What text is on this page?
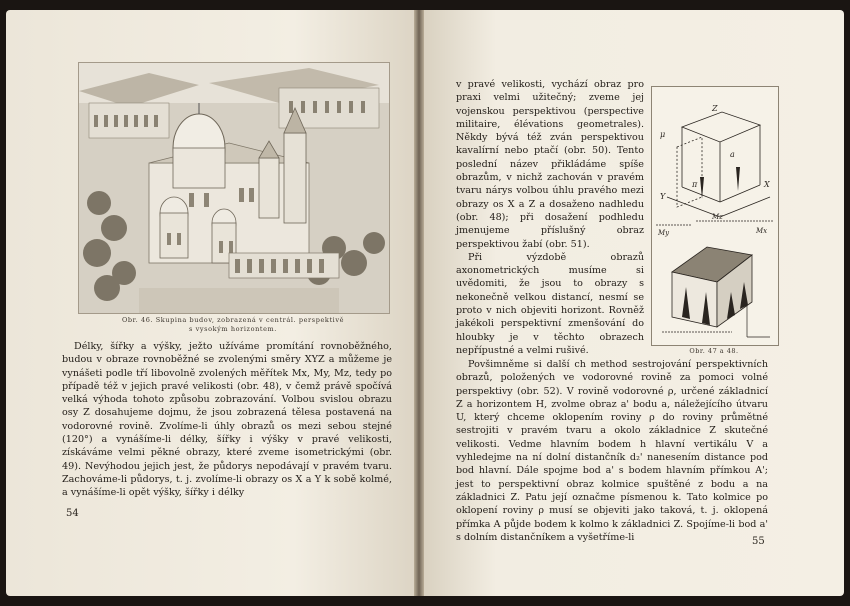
Obr. 46. Skupina budov, zobrazená v centrál. perspektivě
s vysokým horizontem.

Délky, šířky a výšky, ježto užíváme promítání rovnoběžného, budou v obraze rovnoběžné se zvolenými směry XYZ a můžeme je vynášeti podle tří libovolně zvolených měřítek Mx, My, Mz, tedy po případě též v jejich pravé velikosti (obr. 48), v čemž právě spočívá velká výhoda tohoto způsobu zobrazování. Volbou svislou obrazu osy Z dosahujeme dojmu, že jsou zobrazená tělesa postavená na vodorovné rovině. Zvolíme-li úhly obrazů os mezi sebou stejné (120°) a vynášíme-li délky, šířky i výšky v pravé velikosti, získáváme velmi pěkné obrazy, které zveme isometrickými (obr. 49). Nevýhodou jejich jest, že půdorys nepodávají v pravém tvaru. Zachováme-li půdorys, t. j. zvolíme-li obrazy os X a Y k sobě kolmé, a vynášíme-li opět výšky, šířky i délky

54

v pravé velikosti, vychází obraz pro praxi velmi užitečný; zveme jej vojenskou perspektivou (perspective militaire, élévations geometrales). Někdy bývá též zván perspektivou kavalírní nebo ptačí (obr. 50). Tento poslední název přikládáme spíše obrazům, v nichž zachován v pravém tvaru nárys volbou úhlu pravého mezi obrazy os X a Z a dosaženo nadhledu (obr. 48); při dosažení podhledu jmenujeme příslušný obraz perspektivou žabí (obr. 51).

Při výzdobě obrazů axonometrických musíme si uvědomiti, že jsou to obrazy s nekonečně velkou distancí, nesmí se proto v nich objeviti horizont. Rovněž jakékoli perspektivní zmenšování do hloubky je v těchto obrazech nepřípustné a velmi rušivé.

Z
μ
π
Y
X
a
My
Mz
Mx
Obr. 47 a 48.

Povšimněme si další ch method sestrojování perspektivních obrazů, položených ve vodorovné rovině za pomoci volné perspektivy (obr. 52). V rovině vodorovné ρ, určené základnicí Z a horizontem H, zvolme obraz a' bodu a, náležejícího útvaru U, který chceme oklopením roviny ρ do roviny průmětné sestrojiti v pravém tvaru a okolo základnice Z skutečné velikosti. Vedme hlavním bodem h hlavní vertikálu V a vyhledejme na ní dolní distančník d₂' nanesením distance pod bod hlavní. Dále spojme bod a' s bodem hlavním přímkou A'; jest to perspektivní obraz kolmice spuštěné z bodu a na základnici Z. Patu její označme písmenou k. Tato kolmice po oklopení roviny ρ musí se objeviti jako taková, t. j. oklopená přímka A půjde bodem k kolmo k základnici Z. Spojíme-li bod a' s dolním distančníkem a vyšetříme-li	55
